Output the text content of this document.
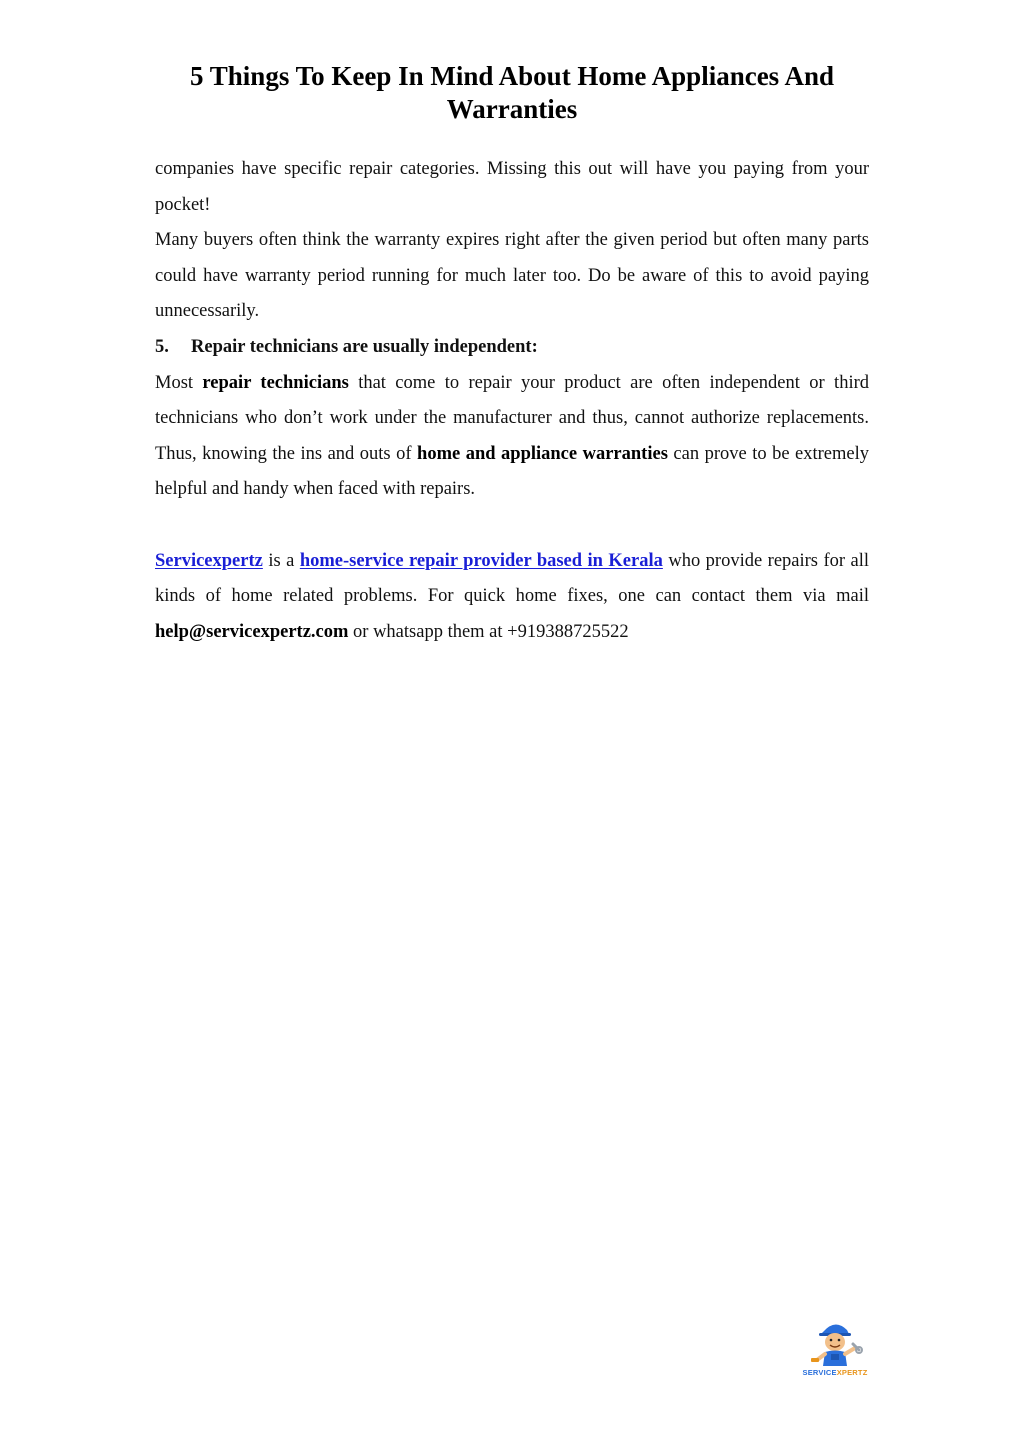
5 Things To Keep In Mind About Home Appliances And Warranties

companies have specific repair categories. Missing this out will have you paying from your pocket!

Many buyers often think the warranty expires right after the given period but often many parts could have warranty period running for much later too. Do be aware of this to avoid paying unnecessarily.

5.	Repair technicians are usually independent:

Most repair technicians that come to repair your product are often independent or third technicians who don’t work under the manufacturer and thus, cannot authorize replacements. Thus, knowing the ins and outs of home and appliance warranties can prove to be extremely helpful and handy when faced with repairs.

Servicexpertz is a home-service repair provider based in Kerala who provide repairs for all kinds of home related problems. For quick home fixes, one can contact them via mail help@servicexpertz.com or whatsapp them at +919388725522

SERVICEXPERTZ
